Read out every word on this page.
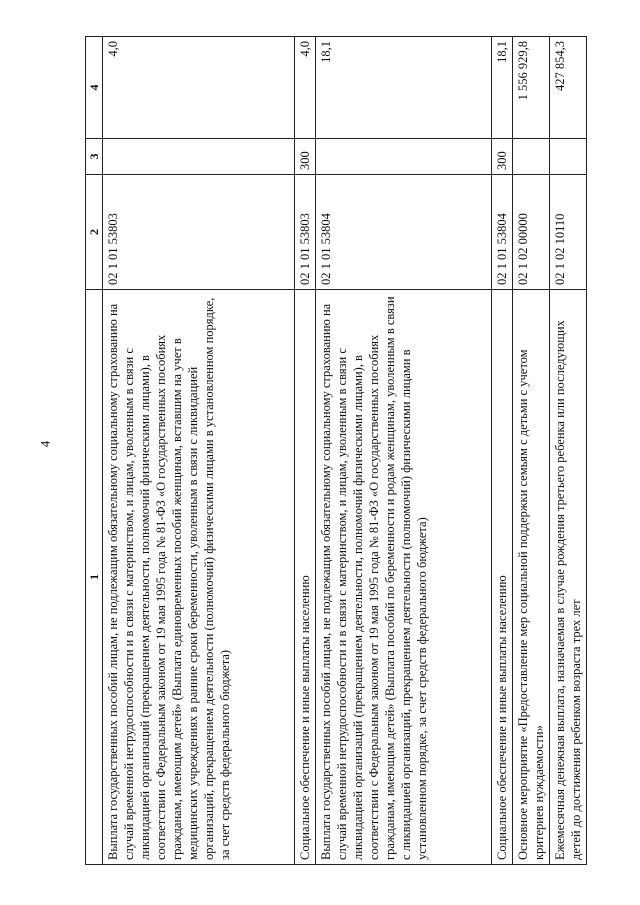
4
1	2	3	4
Выплата государственных пособий лицам, не подлежащим обязательному социальному страхованию на случай временной нетрудоспособности и в связи с материнством, и лицам, уволенным в связи с ликвидацией организаций (прекращением деятельности, полномочий физическими лицами), в соответствии с Федеральным законом от 19 мая 1995 года № 81-ФЗ «О государственных пособиях гражданам, имеющим детей» (Выплата единовременных пособий женщинам, вставшим на учет в медицинских учреждениях в ранние сроки беременности, уволенным в связи с ликвидацией организаций, прекращением деятельности (полномочий) физическими лицами в установленном порядке, за счет средств федерального бюджета)	02 1 01 53803		4,0
Социальное обеспечение и иные выплаты населению	02 1 01 53803	300	4,0
Выплата государственных пособий лицам, не подлежащим обязательному социальному страхованию на случай временной нетрудоспособности и в связи с материнством, и лицам, уволенным в связи с ликвидацией организаций (прекращением деятельности, полномочий физическими лицами), в соответствии с Федеральным законом от 19 мая 1995 года № 81-ФЗ «О государственных пособиях гражданам, имеющим детей» (Выплата пособий по беременности и родам женщинам, уволенным в связи с ликвидацией организаций, прекращением деятельности (полномочий) физическими лицами в установленном порядке, за счет средств федерального бюджета)	02 1 01 53804		18,1
Социальное обеспечение и иные выплаты населению	02 1 01 53804	300	18,1
Основное мероприятие «Предоставление мер социальной поддержки семьям с детьми с учетом критериев нуждаемости»	02 1 02 00000		1 556 929,8
Ежемесячная денежная выплата, назначаемая в случае рождения третьего ребенка или последующих детей до достижения ребенком возраста трех лет	02 1 02 10110		427 854,3
